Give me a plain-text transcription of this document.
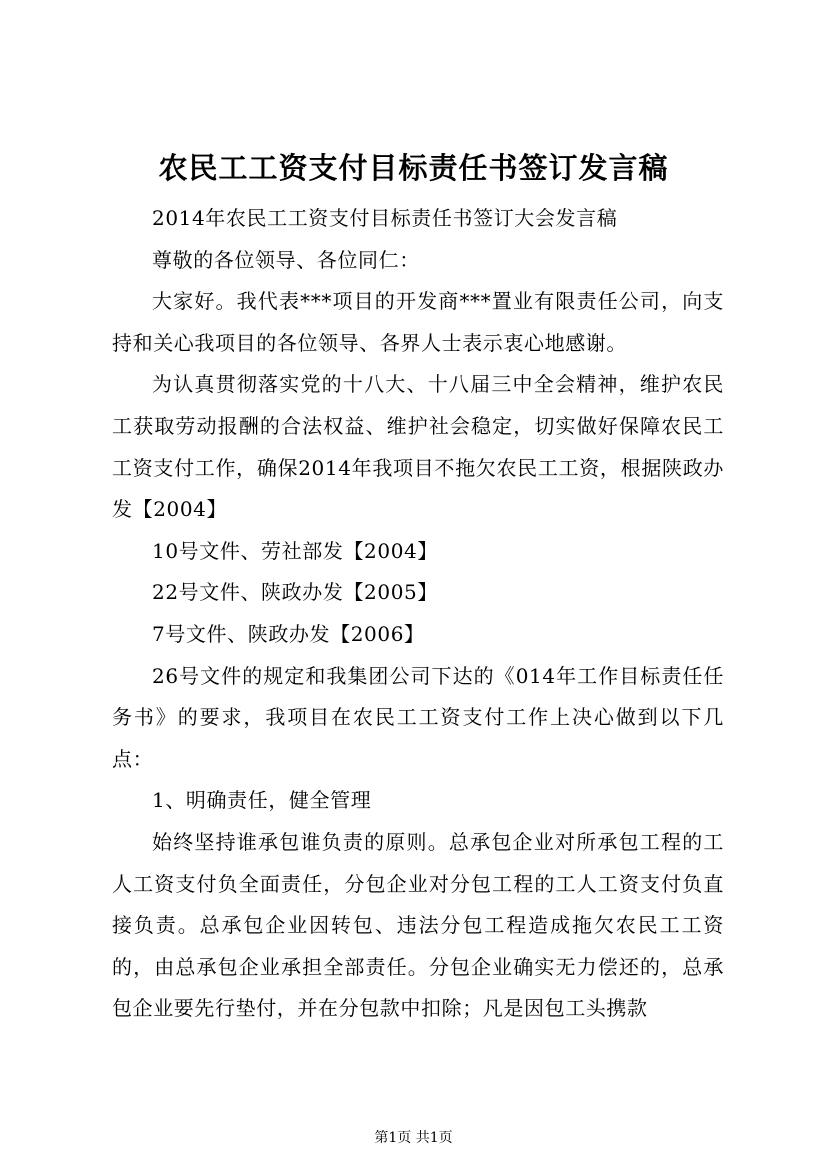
农民工工资支付目标责任书签订发言稿

2014年农民工工资支付目标责任书签订大会发言稿

尊敬的各位领导、各位同仁：

大家好。我代表***项目的开发商***置业有限责任公司，向支持和关心我项目的各位领导、各界人士表示衷心地感谢。

为认真贯彻落实党的十八大、十八届三中全会精神，维护农民工获取劳动报酬的合法权益、维护社会稳定，切实做好保障农民工工资支付工作，确保2014年我项目不拖欠农民工工资，根据陕政办发【2004】

10号文件、劳社部发【2004】

22号文件、陕政办发【2005】

7号文件、陕政办发【2006】

26号文件的规定和我集团公司下达的《014年工作目标责任任务书》的要求，我项目在农民工工资支付工作上决心做到以下几点：

1、明确责任，健全管理

始终坚持谁承包谁负责的原则。总承包企业对所承包工程的工人工资支付负全面责任，分包企业对分包工程的工人工资支付负直接负责。总承包企业因转包、违法分包工程造成拖欠农民工工资的，由总承包企业承担全部责任。分包企业确实无力偿还的，总承包企业要先行垫付，并在分包款中扣除；凡是因包工头携款

第1页 共1页
